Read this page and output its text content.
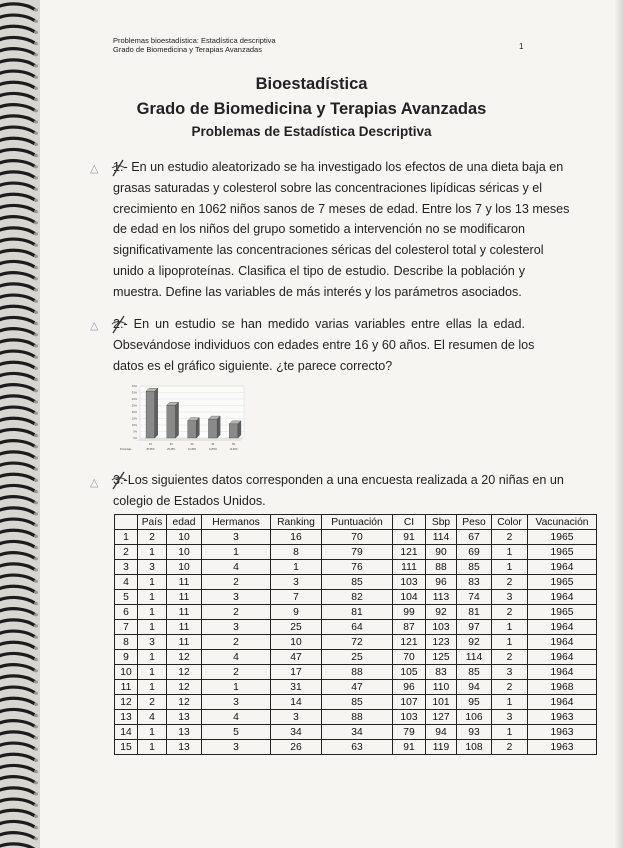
Problemas bioestadística: Estadística descriptiva
Grado de Biomedicina y Terapias Avanzadas	1
Bioestadística
Grado de Biomedicina y Terapias Avanzadas
Problemas de Estadística Descriptiva
△ 1.
- En un estudio aleatorizado se ha investigado los efectos de una dieta baja en
grasas saturadas y colesterol sobre las concentraciones lipídicas séricas y el
crecimiento en 1062 niños sanos de 7 meses de edad. Entre los 7 y los 13 meses
de edad en los niños del grupo sometido a intervención no se modificaron
significativamente las concentraciones séricas del colesterol total y colesterol
unido a lipoproteínas. Clasifica el tipo de estudio. Describe la población y
muestra. Define las variables de más interés y los parámetros asociados.
△ 2.- En un estudio se han medido varias variables entre ellas la edad.
Obsevándose individuos con edades entre 16 y 60 años. El resumen de los
datos es el gráfico siguiente. ¿te parece correcto?
40%
35%
30%
25%
20%
15%
10%
5%
0%
16
35,95%
20
25,25%
30
13,35%
40
14,55%
50
10,90%
Porcentaje
△ 3.-Los siguientes datos corresponden a una encuesta realizada a 20 niñas en un
colegio de Estados Unidos.
	País	edad	Hermanos	Ranking	Puntuación	CI	Sbp	Peso	Color	Vacunación
1	2	10	3	16	70	91	114	67	2	1965
2	1	10	1	8	79	121	90	69	1	1965
3	3	10	4	1	76	111	88	85	1	1964
4	1	11	2	3	85	103	96	83	2	1965
5	1	11	3	7	82	104	113	74	3	1964
6	1	11	2	9	81	99	92	81	2	1965
7	1	11	3	25	64	87	103	97	1	1964
8	3	11	2	10	72	121	123	92	1	1964
9	1	12	4	47	25	70	125	114	2	1964
10	1	12	2	17	88	105	83	85	3	1964
11	1	12	1	31	47	96	110	94	2	1968
12	2	12	3	14	85	107	101	95	1	1964
13	4	13	4	3	88	103	127	106	3	1963
14	1	13	5	34	34	79	94	93	1	1963
15	1	13	3	26	63	91	119	108	2	1963
